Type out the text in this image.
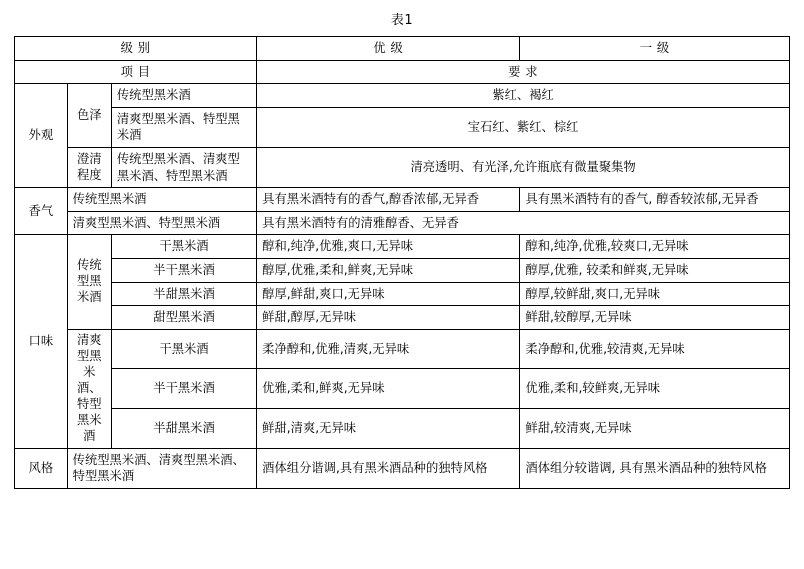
表1
级 别			优 级	一 级
项 目			要 求	
外观	色泽	传统型黑米酒	紫红、褐红	
		清爽型黑米酒、特型黑米酒	宝石红、紫红、棕红	
	澄清程度	传统型黑米酒、清爽型黑米酒、特型黑米酒	清亮透明、有光泽,允许瓶底有微量聚集物	
香气	传统型黑米酒		具有黑米酒特有的香气,醇香浓郁,无异香	具有黑米酒特有的香气, 醇香较浓郁,无异香
	清爽型黑米酒、特型黑米酒		具有黑米酒特有的清雅醇香、无异香	
口味	传统型黑米酒	干黑米酒	醇和,纯净,优雅,爽口,无异味	醇和,纯净,优雅,较爽口,无异味
		半干黑米酒	醇厚,优雅,柔和,鲜爽,无异味	醇厚,优雅, 较柔和鲜爽,无异味
		半甜黑米酒	醇厚,鲜甜,爽口,无异味	醇厚,较鲜甜,爽口,无异味
		甜型黑米酒	鲜甜,醇厚,无异味	鲜甜,较醇厚,无异味
	清爽型黑米酒、特型黑米酒	干黑米酒	柔净醇和,优雅,清爽,无异味	柔净醇和,优雅,较清爽,无异味
		半干黑米酒	优雅,柔和,鲜爽,无异味	优雅,柔和,较鲜爽,无异味
		半甜黑米酒	鲜甜,清爽,无异味	鲜甜,较清爽,无异味
风格	传统型黑米酒、清爽型黑米酒、特型黑米酒		酒体组分谐调,具有黑米酒品种的独特风格	酒体组分较谐调, 具有黑米酒品种的独特风格
